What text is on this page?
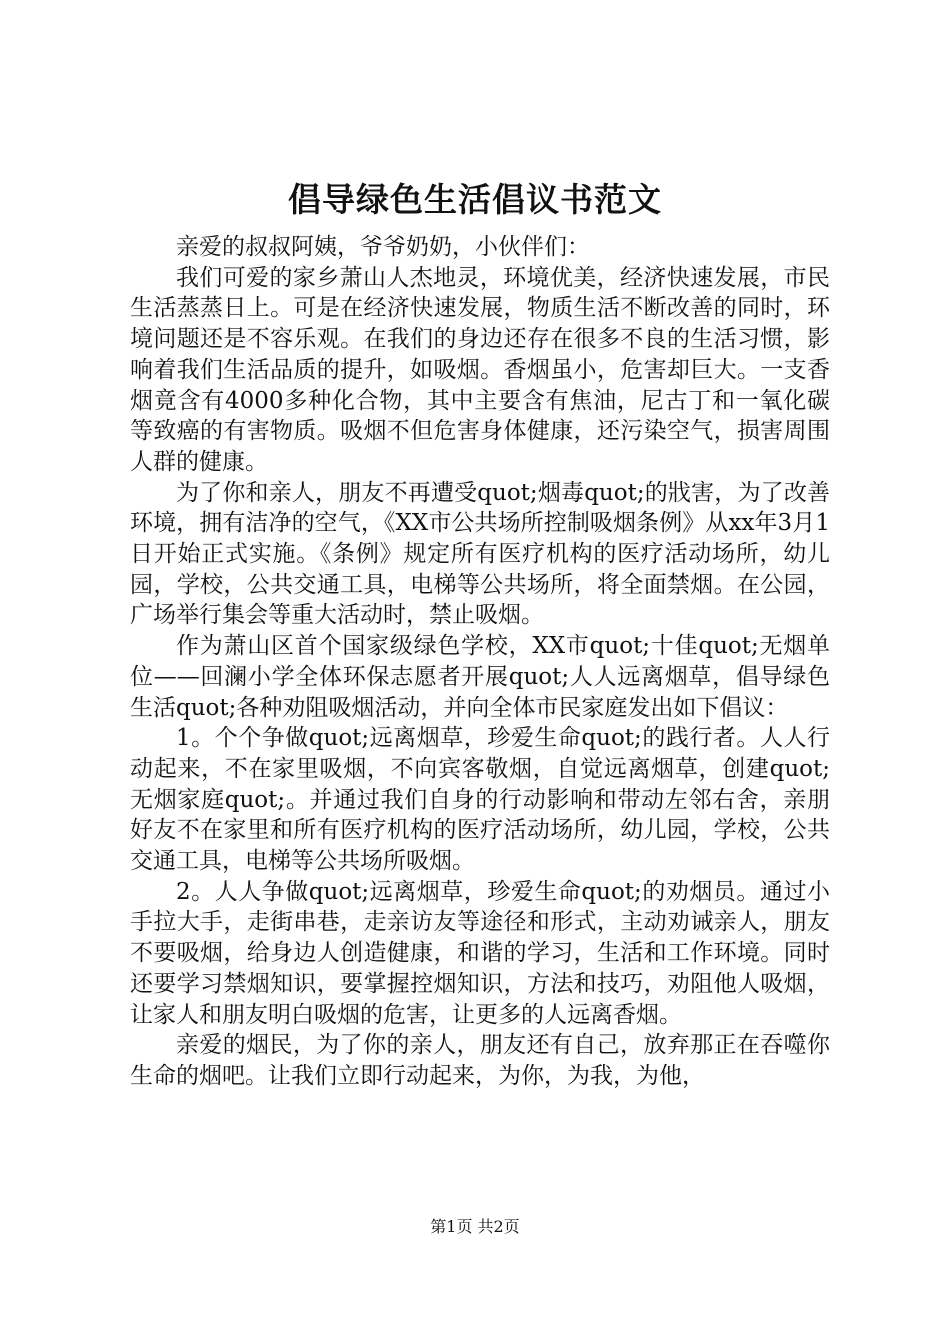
倡导绿色生活倡议书范文

亲爱的叔叔阿姨，爷爷奶奶，小伙伴们：

我们可爱的家乡萧山人杰地灵，环境优美，经济快速发展，市民生活蒸蒸日上。可是在经济快速发展，物质生活不断改善的同时，环境问题还是不容乐观。在我们的身边还存在很多不良的生活习惯，影响着我们生活品质的提升，如吸烟。香烟虽小，危害却巨大。一支香烟竟含有4000多种化合物，其中主要含有焦油，尼古丁和一氧化碳等致癌的有害物质。吸烟不但危害身体健康，还污染空气，损害周围人群的健康。

为了你和亲人，朋友不再遭受quot;烟毒quot;的戕害，为了改善环境，拥有洁净的空气，《XX市公共场所控制吸烟条例》从xx年3月1日开始正式实施。《条例》规定所有医疗机构的医疗活动场所，幼儿园，学校，公共交通工具，电梯等公共场所，将全面禁烟。在公园，广场举行集会等重大活动时，禁止吸烟。

作为萧山区首个国家级绿色学校，XX市quot;十佳quot;无烟单位——回澜小学全体环保志愿者开展quot;人人远离烟草，倡导绿色生活quot;各种劝阻吸烟活动，并向全体市民家庭发出如下倡议：

1。个个争做quot;远离烟草，珍爱生命quot;的践行者。人人行动起来，不在家里吸烟，不向宾客敬烟，自觉远离烟草，创建quot;无烟家庭quot;。并通过我们自身的行动影响和带动左邻右舍，亲朋好友不在家里和所有医疗机构的医疗活动场所，幼儿园，学校，公共交通工具，电梯等公共场所吸烟。

2。人人争做quot;远离烟草，珍爱生命quot;的劝烟员。通过小手拉大手，走街串巷，走亲访友等途径和形式，主动劝诫亲人，朋友不要吸烟，给身边人创造健康，和谐的学习，生活和工作环境。同时还要学习禁烟知识，要掌握控烟知识，方法和技巧，劝阻他人吸烟，让家人和朋友明白吸烟的危害，让更多的人远离香烟。

亲爱的烟民，为了你的亲人，朋友还有自己，放弃那正在吞噬你生命的烟吧。让我们立即行动起来，为你，为我，为他，

第1页 共2页
